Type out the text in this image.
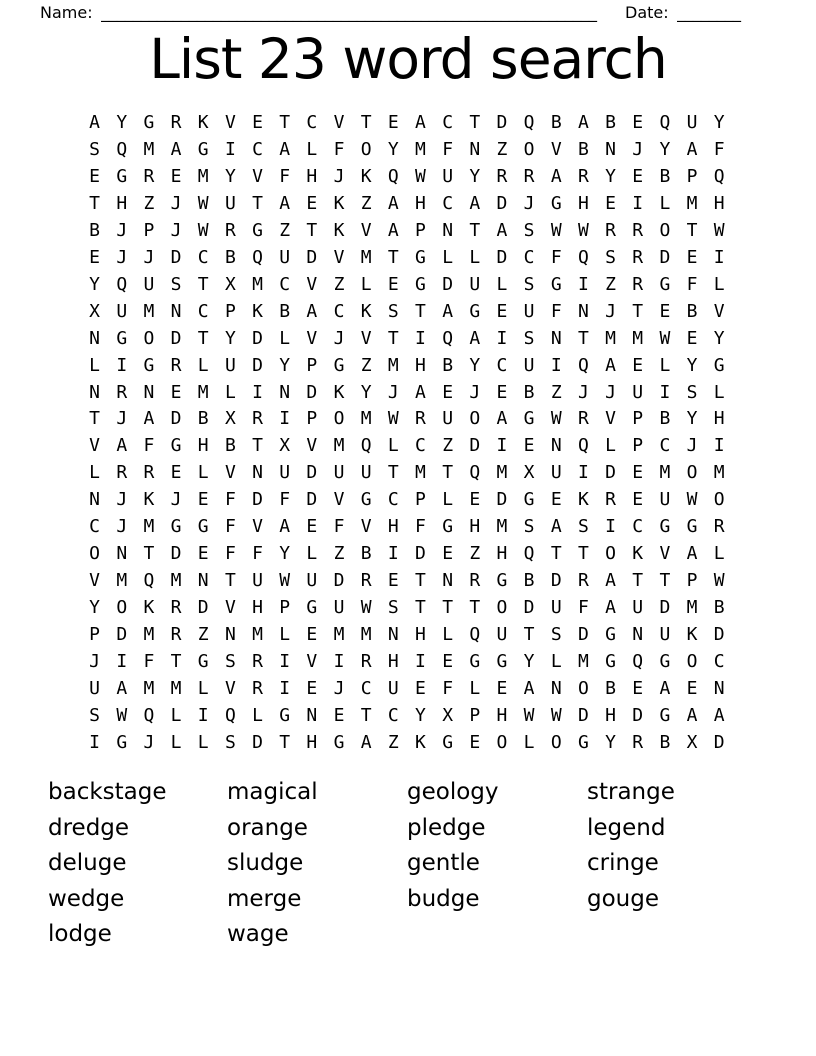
Name: ______________________________________________________________ Date: ________
List 23 word search
A Y G R K V E T C V T E A C T D Q B A B E Q U Y
S Q M A G I C A L F O Y M F N Z O V B N J Y A F
E G R E M Y V F H J K Q W U Y R R A R Y E B P Q
T H Z J W U T A E K Z A H C A D J G H E I L M H
B J P J W R G Z T K V A P N T A S W W R R O T W
E J J D C B Q U D V M T G L L D C F Q S R D E I
Y Q U S T X M C V Z L E G D U L S G I Z R G F L
X U M N C P K B A C K S T A G E U F N J T E B V
N G O D T Y D L V J V T I Q A I S N T M M W E Y
L I G R L U D Y P G Z M H B Y C U I Q A E L Y G
N R N E M L I N D K Y J A E J E B Z J J U I S L
T J A D B X R I P O M W R U O A G W R V P B Y H
V A F G H B T X V M Q L C Z D I E N Q L P C J I
L R R E L V N U D U U T M T Q M X U I D E M O M
N J K J E F D F D V G C P L E D G E K R E U W O
C J M G G F V A E F V H F G H M S A S I C G G R
O N T D E F F Y L Z B I D E Z H Q T T O K V A L
V M Q M N T U W U D R E T N R G B D R A T T P W
Y O K R D V H P G U W S T T T O D U F A U D M B
P D M R Z N M L E M M N H L Q U T S D G N U K D
J I F T G S R I V I R H I E G G Y L M G Q G O C
U A M M L V R I E J C U E F L E A N O B E A E N
S W Q L I Q L G N E T C Y X P H W W D H D G A A
I G J L L S D T H G A Z K G E O L O G Y R B X D
backstage
dredge
deluge
wedge
lodge
magical
orange
sludge
merge
wage
geology
pledge
gentle
budge
strange
legend
cringe
gouge
